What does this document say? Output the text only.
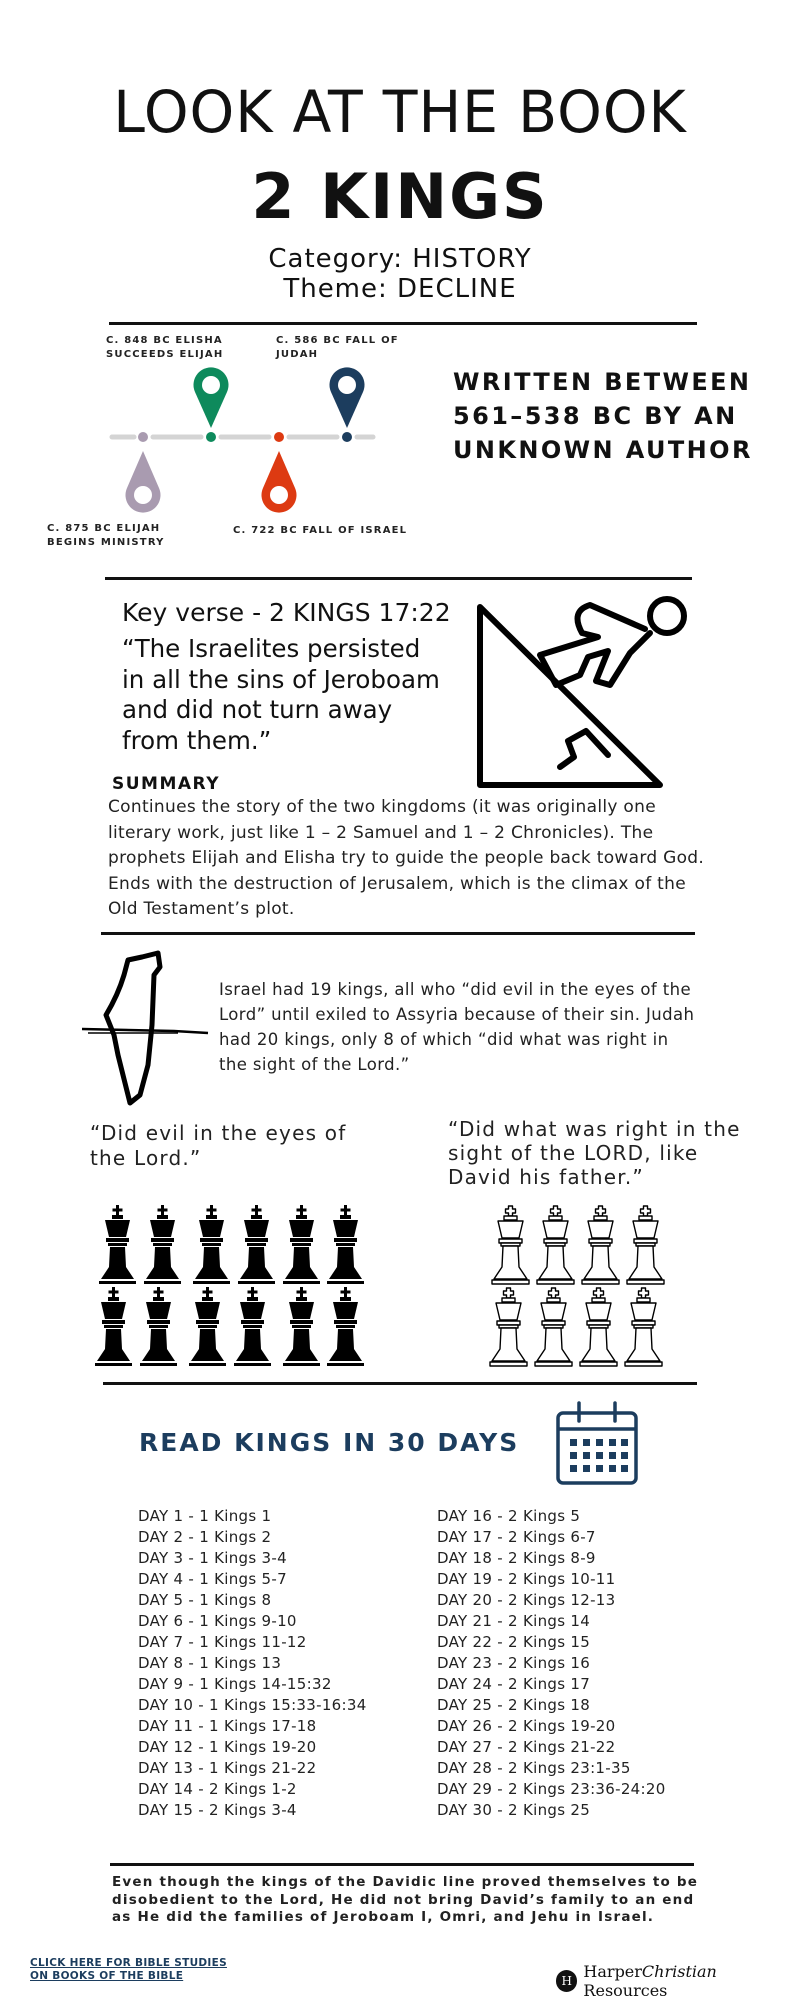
LOOK AT THE BOOK
2 KINGS
Category: HISTORY
Theme: DECLINE
C. 848 BC ELISHA
SUCCEEDS ELIJAH
C. 586 BC FALL OF
JUDAH
C. 875 BC ELIJAH
BEGINS MINISTRY
C. 722 BC FALL OF ISRAEL
WRITTEN BETWEEN
561–538 BC BY AN
UNKNOWN AUTHOR
Key verse - 2 KINGS 17:22
“The Israelites persisted in all the sins of Jeroboam and did not turn away from them.”
SUMMARY
Continues the story of the two kingdoms (it was originally one literary work, just like 1 – 2 Samuel and 1 – 2 Chronicles). The prophets Elijah and Elisha try to guide the people back toward God. Ends with the destruction of Jerusalem, which is the climax of the Old Testament’s plot.
Israel had 19 kings, all who “did evil in the eyes of the Lord” until exiled to Assyria because of their sin. Judah had 20 kings, only 8 of which “did what was right in the sight of the Lord.”
“Did evil in the eyes of the Lord.”
“Did what was right in the sight of the LORD, like David his father.”
READ KINGS IN 30 DAYS
DAY 1 - 1 Kings 1
DAY 2 - 1 Kings 2
DAY 3 - 1 Kings 3-4
DAY 4 - 1 Kings 5-7
DAY 5 - 1 Kings 8
DAY 6 - 1 Kings 9-10
DAY 7 - 1 Kings 11-12
DAY 8 - 1 Kings 13
DAY 9 - 1 Kings 14-15:32
DAY 10 - 1 Kings 15:33-16:34
DAY 11 - 1 Kings 17-18
DAY 12 - 1 Kings 19-20
DAY 13 - 1 Kings 21-22
DAY 14 - 2 Kings 1-2
DAY 15 - 2 Kings 3-4
DAY 16 - 2 Kings 5
DAY 17 - 2 Kings 6-7
DAY 18 - 2 Kings 8-9
DAY 19 - 2 Kings 10-11
DAY 20 - 2 Kings 12-13
DAY 21 - 2 Kings 14
DAY 22 - 2 Kings 15
DAY 23 - 2 Kings 16
DAY 24 - 2 Kings 17
DAY 25 - 2 Kings 18
DAY 26 - 2 Kings 19-20
DAY 27 - 2 Kings 21-22
DAY 28 - 2 Kings 23:1-35
DAY 29 - 2 Kings 23:36-24:20
DAY 30 - 2 Kings 25
Even though the kings of the Davidic line proved themselves to be disobedient to the Lord, He did not bring David’s family to an end as He did the families of Jeroboam I, Omri, and Jehu in Israel.
CLICK HERE FOR BIBLE STUDIES
ON BOOKS OF THE BIBLE	H HarperChristian Resources
